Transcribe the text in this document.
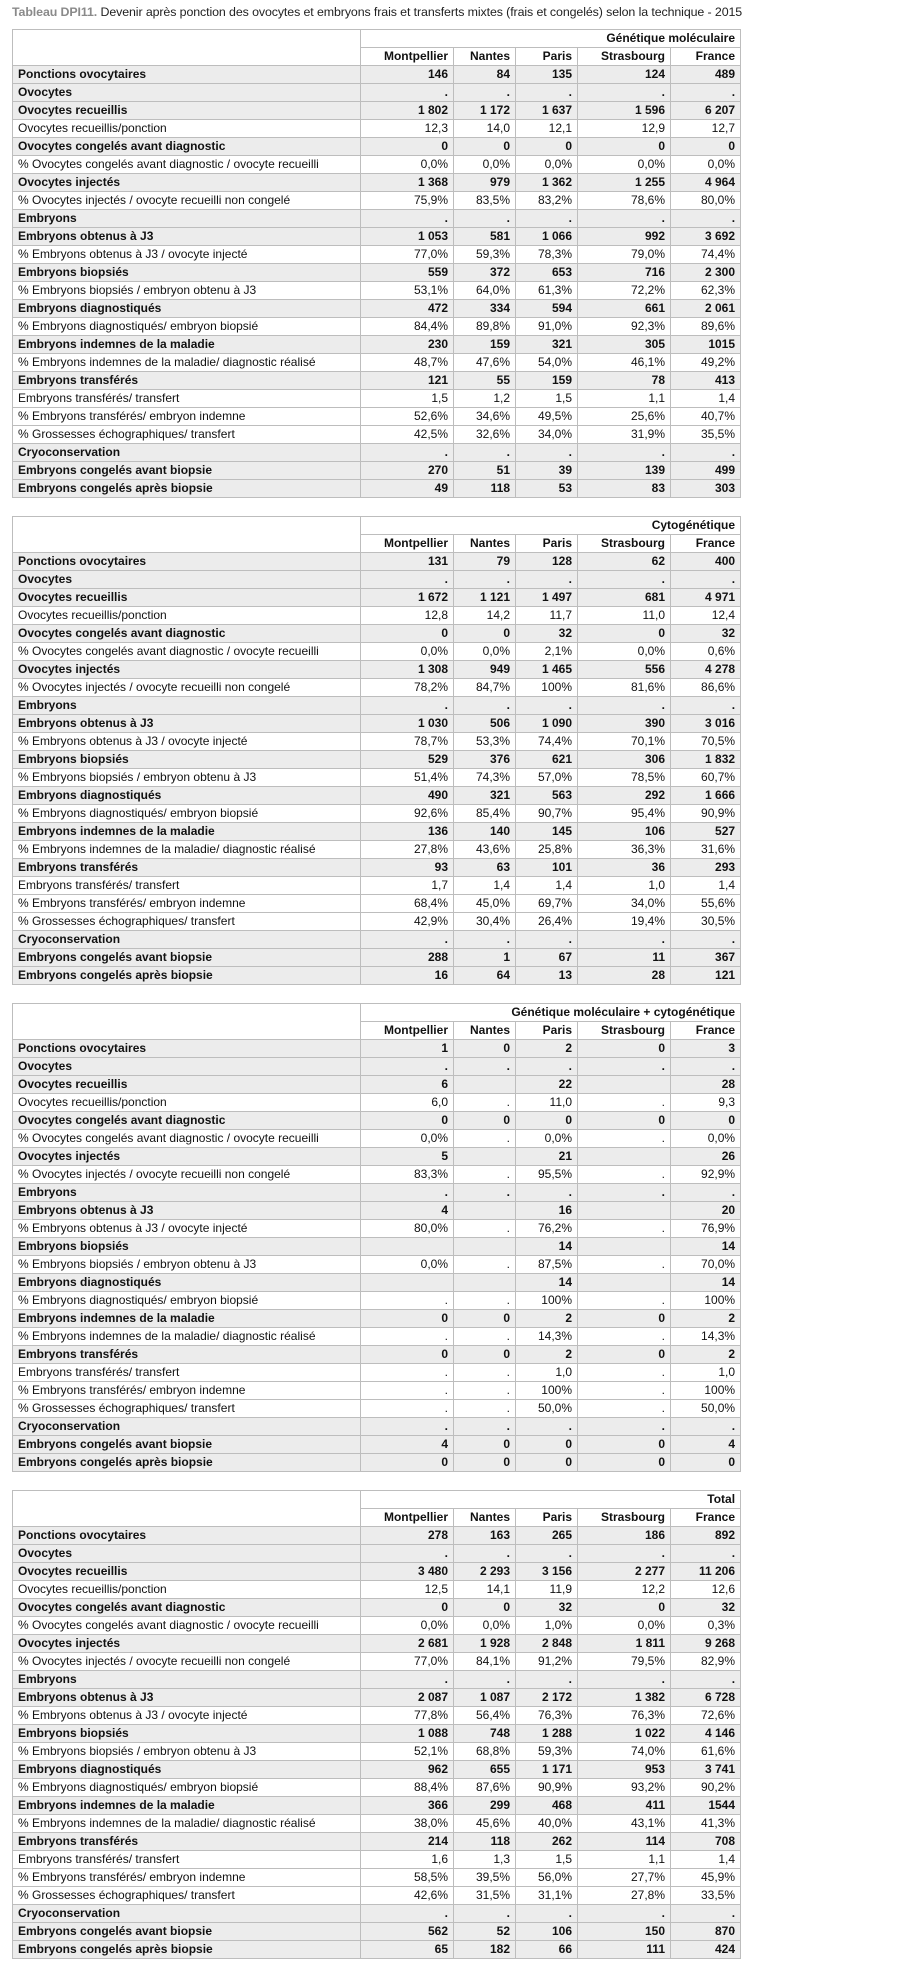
Tableau DPI11. Devenir après ponction des ovocytes et embryons frais et transferts mixtes (frais et congelés) selon la technique - 2015
	Génétique moléculaire				
	Montpellier	Nantes	Paris	Strasbourg	France
Ponctions ovocytaires	146	84	135	124	489
Ovocytes	.	.	.	.	.
Ovocytes recueillis	1 802	1 172	1 637	1 596	6 207
Ovocytes recueillis/ponction	12,3	14,0	12,1	12,9	12,7
Ovocytes congelés avant diagnostic	0	0	0	0	0
% Ovocytes congelés avant diagnostic / ovocyte recueilli	0,0%	0,0%	0,0%	0,0%	0,0%
Ovocytes injectés	1 368	979	1 362	1 255	4 964
% Ovocytes injectés / ovocyte recueilli non congelé	75,9%	83,5%	83,2%	78,6%	80,0%
Embryons	.	.	.	.	.
Embryons obtenus à J3	1 053	581	1 066	992	3 692
% Embryons obtenus à J3 / ovocyte injecté	77,0%	59,3%	78,3%	79,0%	74,4%
Embryons biopsiés	559	372	653	716	2 300
% Embryons biopsiés / embryon obtenu à J3	53,1%	64,0%	61,3%	72,2%	62,3%
Embryons diagnostiqués	472	334	594	661	2 061
% Embryons diagnostiqués/ embryon biopsié	84,4%	89,8%	91,0%	92,3%	89,6%
Embryons indemnes de la maladie	230	159	321	305	1015
% Embryons indemnes de la maladie/ diagnostic réalisé	48,7%	47,6%	54,0%	46,1%	49,2%
Embryons transférés	121	55	159	78	413
Embryons transférés/ transfert	1,5	1,2	1,5	1,1	1,4
% Embryons transférés/ embryon indemne	52,6%	34,6%	49,5%	25,6%	40,7%
% Grossesses échographiques/ transfert	42,5%	32,6%	34,0%	31,9%	35,5%
Cryoconservation	.	.	.	.	.
Embryons congelés avant biopsie	270	51	39	139	499
Embryons congelés après biopsie	49	118	53	83	303
	Cytogénétique				
	Montpellier	Nantes	Paris	Strasbourg	France
Ponctions ovocytaires	131	79	128	62	400
Ovocytes	.	.	.	.	.
Ovocytes recueillis	1 672	1 121	1 497	681	4 971
Ovocytes recueillis/ponction	12,8	14,2	11,7	11,0	12,4
Ovocytes congelés avant diagnostic	0	0	32	0	32
% Ovocytes congelés avant diagnostic / ovocyte recueilli	0,0%	0,0%	2,1%	0,0%	0,6%
Ovocytes injectés	1 308	949	1 465	556	4 278
% Ovocytes injectés / ovocyte recueilli non congelé	78,2%	84,7%	100%	81,6%	86,6%
Embryons	.	.	.	.	.
Embryons obtenus à J3	1 030	506	1 090	390	3 016
% Embryons obtenus à J3 / ovocyte injecté	78,7%	53,3%	74,4%	70,1%	70,5%
Embryons biopsiés	529	376	621	306	1 832
% Embryons biopsiés / embryon obtenu à J3	51,4%	74,3%	57,0%	78,5%	60,7%
Embryons diagnostiqués	490	321	563	292	1 666
% Embryons diagnostiqués/ embryon biopsié	92,6%	85,4%	90,7%	95,4%	90,9%
Embryons indemnes de la maladie	136	140	145	106	527
% Embryons indemnes de la maladie/ diagnostic réalisé	27,8%	43,6%	25,8%	36,3%	31,6%
Embryons transférés	93	63	101	36	293
Embryons transférés/ transfert	1,7	1,4	1,4	1,0	1,4
% Embryons transférés/ embryon indemne	68,4%	45,0%	69,7%	34,0%	55,6%
% Grossesses échographiques/ transfert	42,9%	30,4%	26,4%	19,4%	30,5%
Cryoconservation	.	.	.	.	.
Embryons congelés avant biopsie	288	1	67	11	367
Embryons congelés après biopsie	16	64	13	28	121
	Génétique moléculaire + cytogénétique				
	Montpellier	Nantes	Paris	Strasbourg	France
Ponctions ovocytaires	1	0	2	0	3
Ovocytes	.	.	.	.	.
Ovocytes recueillis	6		22		28
Ovocytes recueillis/ponction	6,0	.	11,0	.	9,3
Ovocytes congelés avant diagnostic	0	0	0	0	0
% Ovocytes congelés avant diagnostic / ovocyte recueilli	0,0%	.	0,0%	.	0,0%
Ovocytes injectés	5		21		26
% Ovocytes injectés / ovocyte recueilli non congelé	83,3%	.	95,5%	.	92,9%
Embryons	.	.	.	.	.
Embryons obtenus à J3	4		16		20
% Embryons obtenus à J3 / ovocyte injecté	80,0%	.	76,2%	.	76,9%
Embryons biopsiés			14		14
% Embryons biopsiés / embryon obtenu à J3	0,0%	.	87,5%	.	70,0%
Embryons diagnostiqués			14		14
% Embryons diagnostiqués/ embryon biopsié	.	.	100%	.	100%
Embryons indemnes de la maladie	0	0	2	0	2
% Embryons indemnes de la maladie/ diagnostic réalisé	.	.	14,3%	.	14,3%
Embryons transférés	0	0	2	0	2
Embryons transférés/ transfert	.	.	1,0	.	1,0
% Embryons transférés/ embryon indemne	.	.	100%	.	100%
% Grossesses échographiques/ transfert	.	.	50,0%	.	50,0%
Cryoconservation	.	.	.	.	.
Embryons congelés avant biopsie	4	0	0	0	4
Embryons congelés après biopsie	0	0	0	0	0
	Total				
	Montpellier	Nantes	Paris	Strasbourg	France
Ponctions ovocytaires	278	163	265	186	892
Ovocytes	.	.	.	.	.
Ovocytes recueillis	3 480	2 293	3 156	2 277	11 206
Ovocytes recueillis/ponction	12,5	14,1	11,9	12,2	12,6
Ovocytes congelés avant diagnostic	0	0	32	0	32
% Ovocytes congelés avant diagnostic / ovocyte recueilli	0,0%	0,0%	1,0%	0,0%	0,3%
Ovocytes injectés	2 681	1 928	2 848	1 811	9 268
% Ovocytes injectés / ovocyte recueilli non congelé	77,0%	84,1%	91,2%	79,5%	82,9%
Embryons	.	.	.	.	.
Embryons obtenus à J3	2 087	1 087	2 172	1 382	6 728
% Embryons obtenus à J3 / ovocyte injecté	77,8%	56,4%	76,3%	76,3%	72,6%
Embryons biopsiés	1 088	748	1 288	1 022	4 146
% Embryons biopsiés / embryon obtenu à J3	52,1%	68,8%	59,3%	74,0%	61,6%
Embryons diagnostiqués	962	655	1 171	953	3 741
% Embryons diagnostiqués/ embryon biopsié	88,4%	87,6%	90,9%	93,2%	90,2%
Embryons indemnes de la maladie	366	299	468	411	1544
% Embryons indemnes de la maladie/ diagnostic réalisé	38,0%	45,6%	40,0%	43,1%	41,3%
Embryons transférés	214	118	262	114	708
Embryons transférés/ transfert	1,6	1,3	1,5	1,1	1,4
% Embryons transférés/ embryon indemne	58,5%	39,5%	56,0%	27,7%	45,9%
% Grossesses échographiques/ transfert	42,6%	31,5%	31,1%	27,8%	33,5%
Cryoconservation	.	.	.	.	.
Embryons congelés avant biopsie	562	52	106	150	870
Embryons congelés après biopsie	65	182	66	111	424
